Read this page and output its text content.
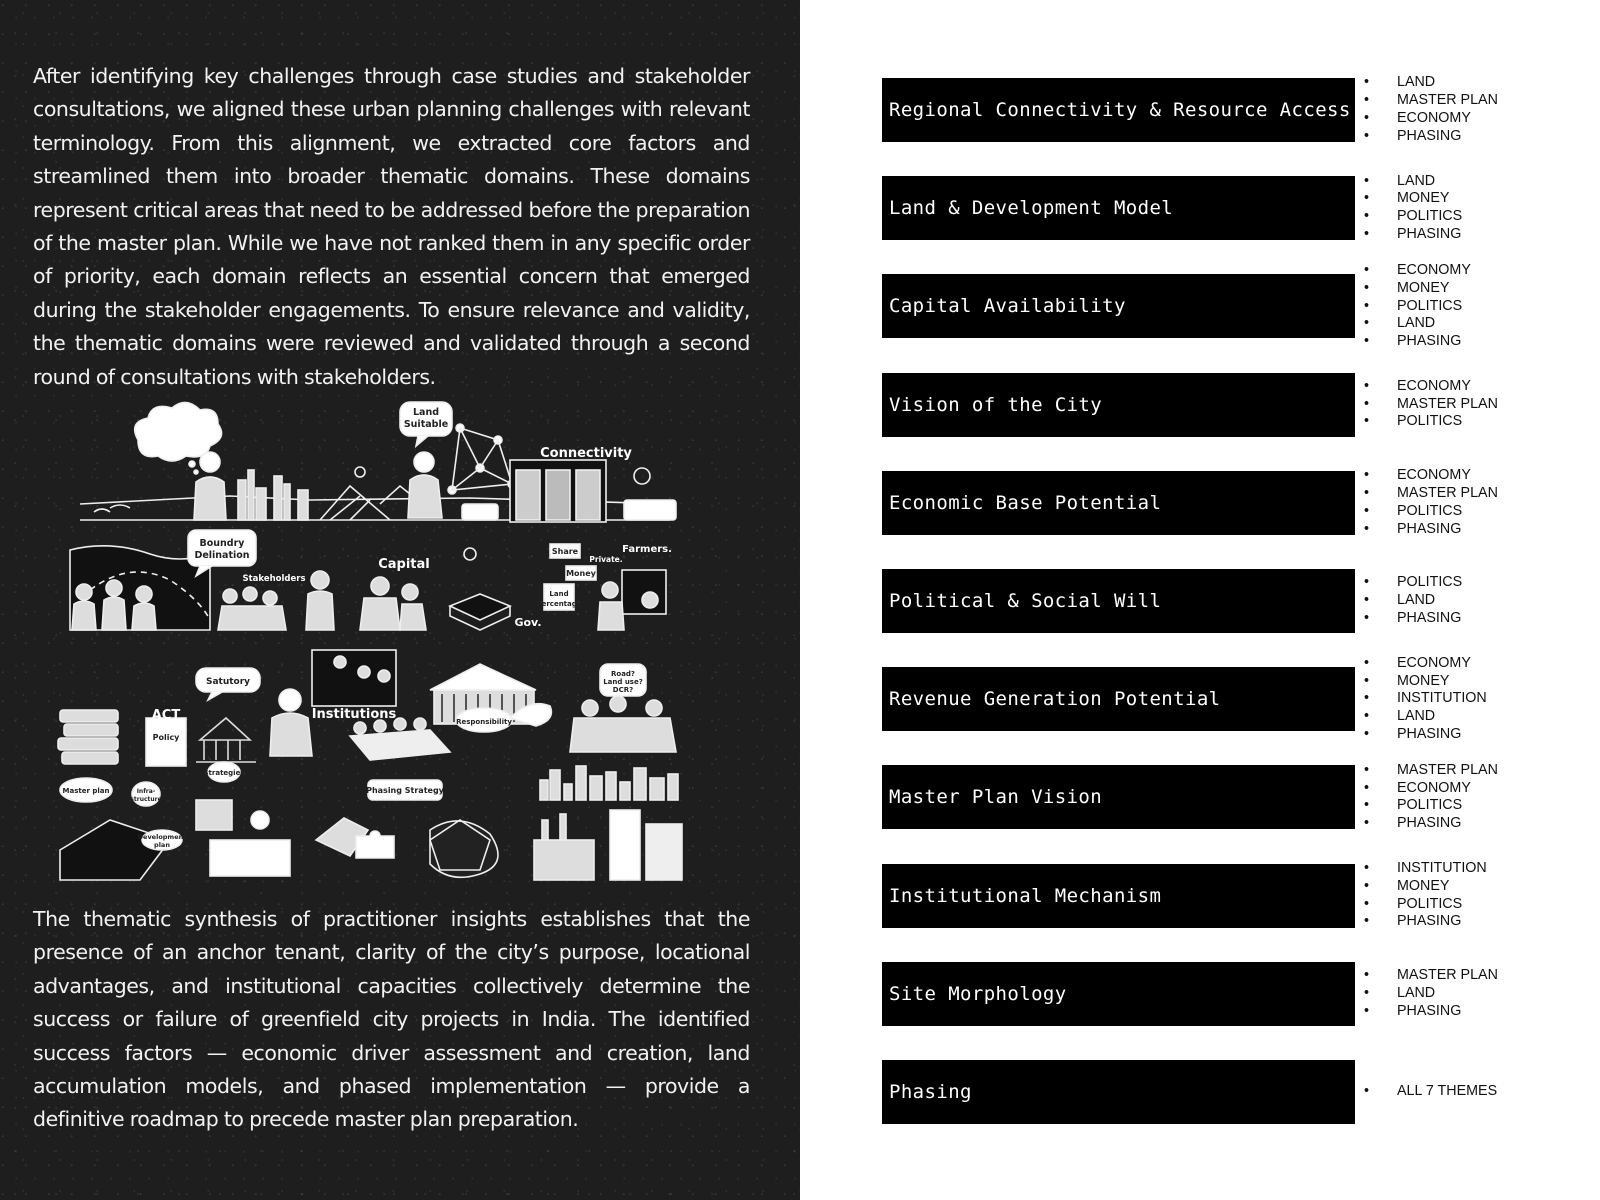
After identifying key challenges through case studies and stakeholder consultations, we aligned these urban planning challenges with relevant terminology. From this alignment, we extracted core factors and streamlined them into broader thematic domains. These domains represent critical areas that need to be addressed before the preparation of the master plan. While we have not ranked them in any specific order of priority, each domain reflects an essential concern that emerged during the stakeholder engagements. To ensure relevance and validity, the thematic domains were reviewed and validated through a second round of consultations with stakeholders.

Land
Suitable
Boundry
Delination	Share
Money
Land
Percentage
Satutory
Policy
Road?
Land use?
DCR?
Responsibility
Master plan	Infra-
structure
Strategies
Development
plan
Phasing Strategy
Connectivity
Stakeholders
Capital	Private.
Farmers.
Gov.
ACT	Institutions

The thematic synthesis of practitioner insights establishes that the presence of an anchor tenant, clarity of the city’s purpose, locational advantages, and institutional capacities collectively determine the success or failure of greenfield city projects in India. The identified success factors — economic driver assessment and creation, land accumulation models, and phased implementation — provide a definitive roadmap to precede master plan preparation.

Regional Connectivity & Resource Access
• LAND
• MASTER PLAN
• ECONOMY
• PHASING
Land & Development Model
• LAND
• MONEY
• POLITICS
• PHASING
Capital Availability
• ECONOMY
• MONEY
• POLITICS
• LAND
• PHASING
Vision of the City
• ECONOMY
• MASTER PLAN
• POLITICS
Economic Base Potential
• ECONOMY
• MASTER PLAN
• POLITICS
• PHASING
Political & Social Will
• POLITICS
• LAND
• PHASING
Revenue Generation Potential
• ECONOMY
• MONEY
• INSTITUTION
• LAND
• PHASING
Master Plan Vision
• MASTER PLAN
• ECONOMY
• POLITICS
• PHASING
Institutional Mechanism
• INSTITUTION
• MONEY
• POLITICS
• PHASING
Site Morphology
• MASTER PLAN
• LAND
• PHASING
Phasing
•	ALL 7 THEMES
